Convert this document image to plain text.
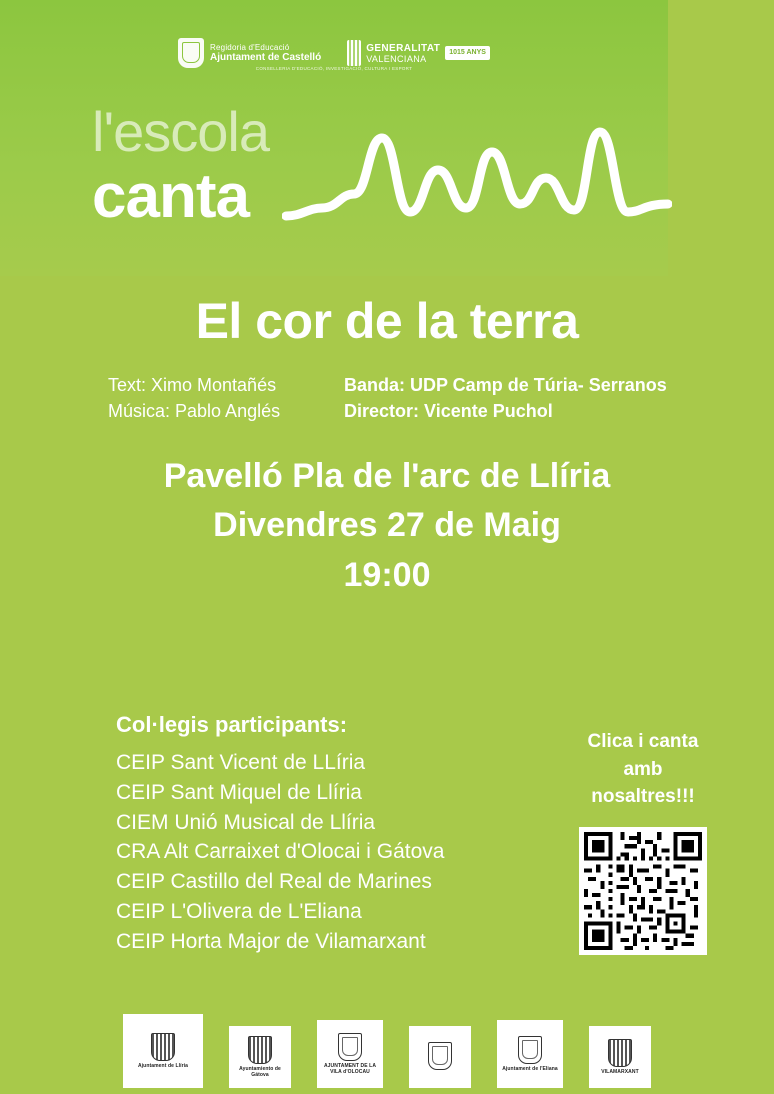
Regidoria d'Educació
Ajuntament de Castelló
GENERALITAT
VALENCIANA
1015 ANYS
CONSELLERIA D'EDUCACIÓ, INVESTIGACIÓ, CULTURA I ESPORT
l'escola
canta
El cor de la terra
Text: Ximo Montañés
Música: Pablo Anglés
Banda: UDP Camp de Túria- Serranos
Director: Vicente Puchol
Pavelló Pla de l'arc de Llíria
Divendres 27 de Maig
19:00
Col·legis participants:
CEIP Sant Vicent de LLíria
CEIP Sant Miquel de Llíria
CIEM Unió Musical de Llíria
CRA Alt Carraixet d'Olocai i Gátova
CEIP Castillo del Real de Marines
CEIP L'Olivera de L'Eliana
CEIP Horta Major de Vilamarxant
Clica i canta amb nosaltres!!!
Ajuntament de Llíria
Ayuntamiento de Gátova
AJUNTAMENT DE LA VILA d'OLOCAU	Ajuntament de l'Eliana	VILAMARXANT
